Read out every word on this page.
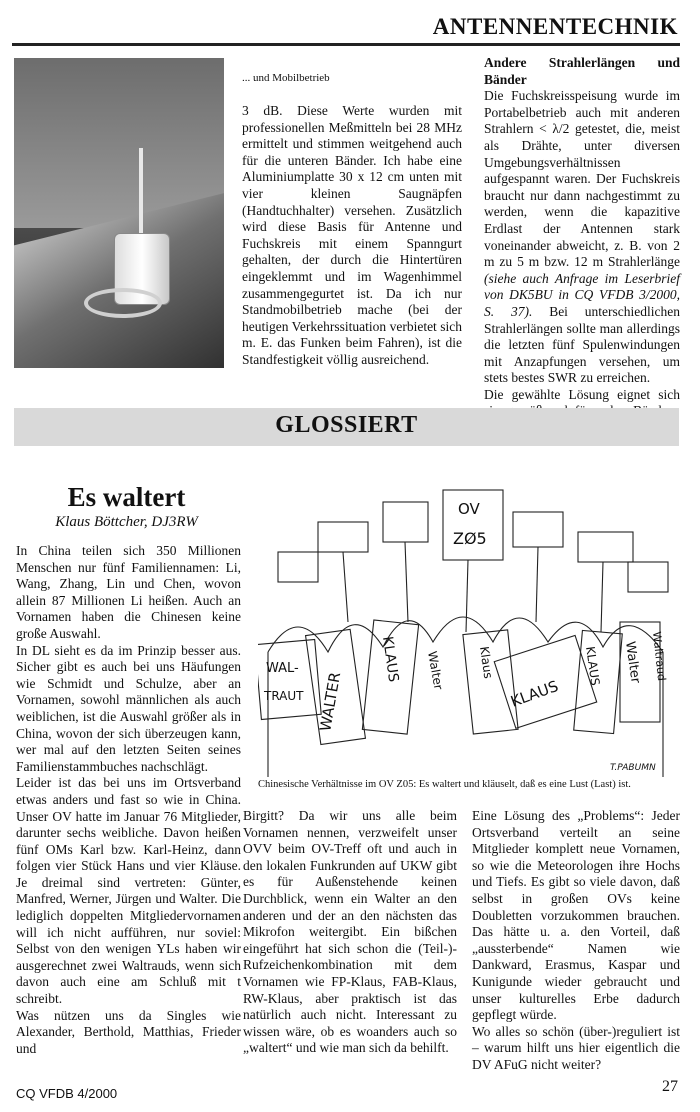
ANTENNENTECHNIK
... und Mobilbetrieb

3 dB. Diese Werte wurden mit professionellen Meßmitteln bei 28 MHz ermittelt und stimmen weitgehend auch für die unteren Bänder. Ich habe eine Aluminiumplatte 30 x 12 cm unten mit vier kleinen Saugnäpfen (Handtuchhalter) versehen. Zusätzlich wird diese Basis für Antenne und Fuchskreis mit einem Spanngurt gehalten, der durch die Hintertüren eingeklemmt und im Wagenhimmel zusammengegurtet ist. Da ich nur Standmobilbetrieb mache (bei der heutigen Verkehrssituation verbietet sich m. E. das Funken beim Fahren), ist die Standfestigkeit völlig ausreichend.

Andere Strahlerlängen und Bänder

Die Fuchskreisspeisung wurde im Portabelbetrieb auch mit anderen Strahlern < λ/2 getestet, die, meist als Drähte, unter diversen Umgebungsverhältnissen aufgespannt waren. Der Fuchskreis braucht nur dann nachgestimmt zu werden, wenn die kapazitive Erdlast der Antennen stark voneinander abweicht, z. B. von 2 m zu 5 m bzw. 12 m Strahlerlänge (siehe auch Anfrage im Leserbrief von DK5BU in CQ VFDB 3/2000, S. 37). Bei unterschiedlichen Strahlerlängen sollte man allerdings die letzten fünf Spulenwindungen mit Anzapfungen versehen, um stets bestes SWR zu erreichen.

Die gewählte Lösung eignet sich

GLOSSIERT
Es waltert
Klaus Böttcher, DJ3RW

In China teilen sich 350 Millionen Menschen nur fünf Familiennamen: Li, Wang, Zhang, Lin und Chen, wovon allein 87 Millionen Li heißen. Auch an Vornamen haben die Chinesen keine große Auswahl.

In DL sieht es da im Prinzip besser aus. Sicher gibt es auch bei uns Häufungen wie Schmidt und Schulze, aber an Vornamen, sowohl männlichen als auch weiblichen, ist die Auswahl größer als in China, wovon der sich überzeugen kann, wer mal auf den letzten Seiten seines Familienstammbuches nachschlägt.

Leider ist das bei uns im Ortsverband etwas anders und fast so wie in China. Unser OV hatte im Januar 76 Mitglieder, darunter sechs weibliche. Davon heißen fünf OMs Karl bzw. Karl-Heinz, dann folgen vier Stück Hans und vier Kläuse. Je dreimal sind vertreten: Günter, Manfred, Werner, Jürgen und Walter. Die lediglich doppelten Mitgliedervornamen will ich nicht aufführen, nur soviel: Selbst von den wenigen YLs haben wir ausgerechnet zwei Waltrauds, wenn sich davon auch eine am Schluß mit t schreibt.

Was nützen uns da Singles wie Alexander, Berthold, Matthias, Frieder und

OV
ZØ5
WAL-
TRAUT WALTER
KLAUS Walter	Klaus
KLAUS
KLAUS Walter Waltraud
T.PABUMN
Chinesische Verhältnisse im OV Z05: Es waltert und kläuselt, daß es eine Lust (Last) ist.

Birgitt? Da wir uns alle beim Vornamen nennen, verzweifelt unser OVV beim OV-Treff oft und auch in den lokalen Funkrunden auf UKW gibt es für Außenstehende keinen Durchblick, wenn ein Walter an den anderen und der an den nächsten das Mikrofon weitergibt. Ein bißchen eingeführt hat sich schon die (Teil-)-Rufzeichenkombination mit dem Vornamen wie FP-Klaus, FAB-Klaus, RW-Klaus, aber praktisch ist das natürlich auch nicht. Interessant zu wissen wäre, ob es woanders auch so „waltert“ und wie man sich da behilft.

Eine Lösung des „Problems“: Jeder Ortsverband verteilt an seine Mitglieder komplett neue Vornamen, so wie die Meteorologen ihre Hochs und Tiefs. Es gibt so viele davon, daß selbst in großen OVs keine Doubletten vorzukommen brauchen. Das hätte u. a. den Vorteil, daß „aussterbende“ Namen wie Dankward, Erasmus, Kaspar und Kunigunde wieder gebraucht und unser kulturelles Erbe dadurch gepflegt würde.

Wo alles so schön (über-)reguliert ist – warum hilft uns hier eigentlich die DV AFuG nicht weiter?

CQ VFDB 4/2000	27
